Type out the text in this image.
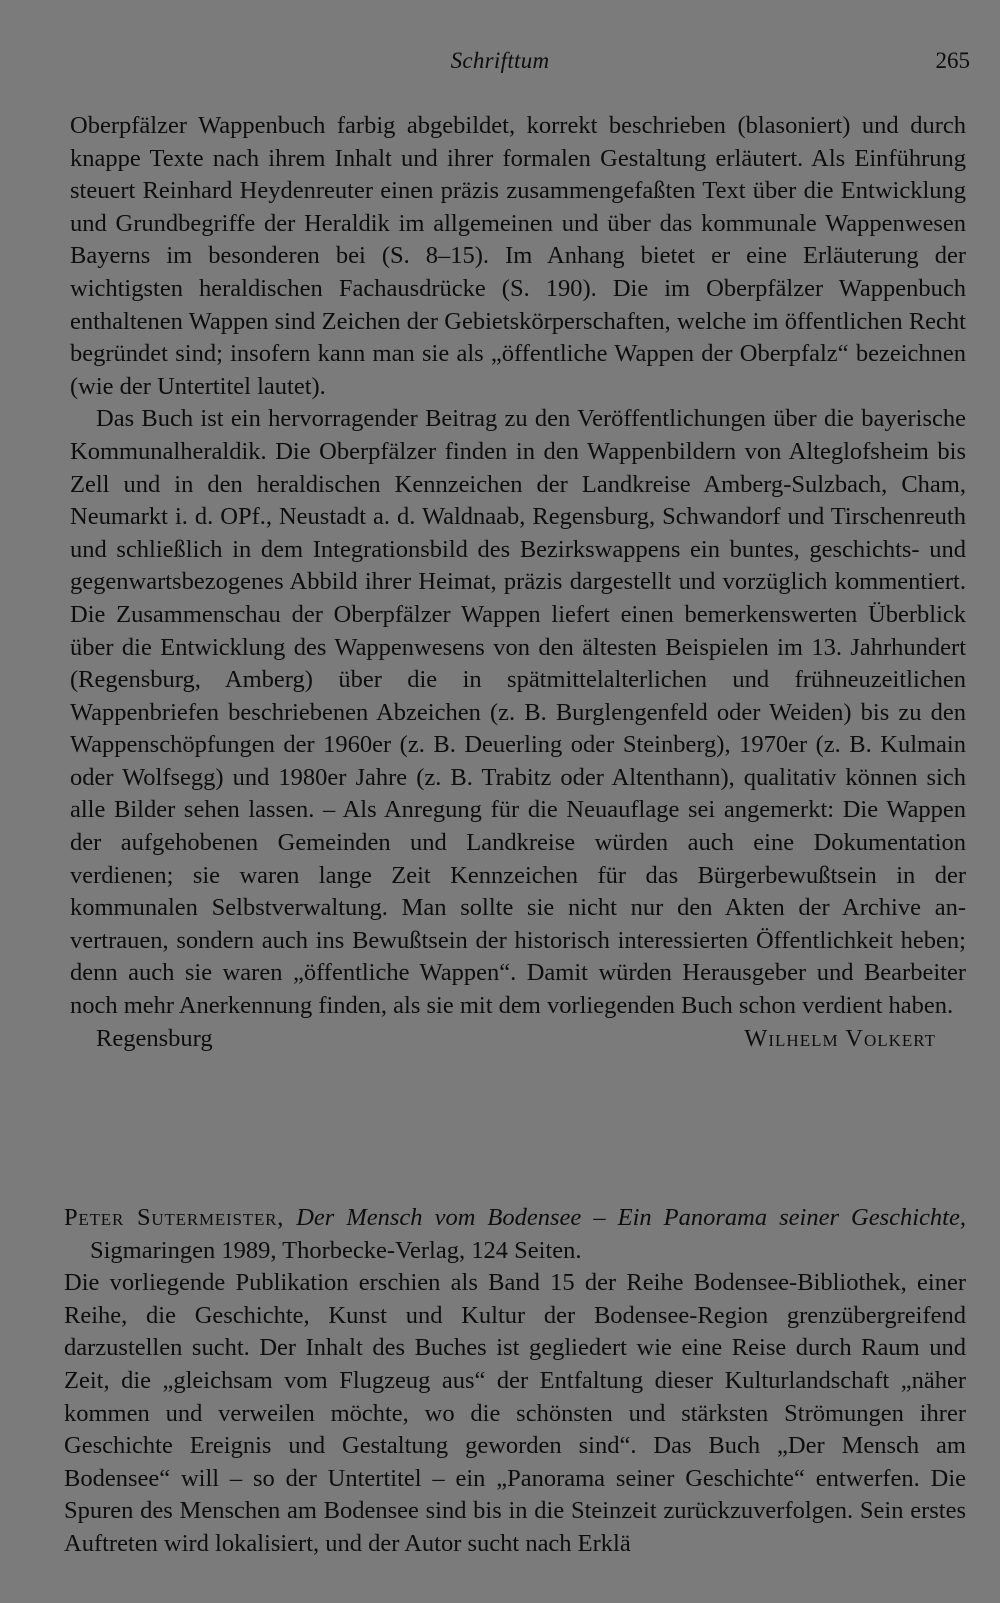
Schrifttum	265

Oberpfälzer Wappenbuch farbig abgebildet, korrekt beschrieben (blasoniert) und durch knappe Texte nach ihrem Inhalt und ihrer formalen Gestaltung erläutert. Als Einführung steuert Reinhard Heydenreuter einen präzis zusammengefaßten Text über die Entwicklung und Grundbegriffe der Heraldik im allgemeinen und über das kommunale Wappenwesen Bayerns im besonderen bei (S. 8–15). Im Anhang bietet er eine Erläuterung der wichtigsten heraldischen Fachausdrücke (S. 190). Die im Oberpfälzer Wappenbuch enthaltenen Wappen sind Zeichen der Gebietskörperschaften, welche im öffentlichen Recht begründet sind; insofern kann man sie als „öffentliche Wappen der Oberpfalz“ bezeichnen (wie der Untertitel lautet).

Das Buch ist ein hervorragender Beitrag zu den Veröffentlichungen über die bayerische Kommunalheraldik. Die Oberpfälzer finden in den Wappenbildern von Alteglofsheim bis Zell und in den heraldischen Kennzeichen der Landkreise Amberg-Sulzbach, Cham, Neumarkt i. d. OPf., Neustadt a. d. Waldnaab, Regensburg, Schwandorf und Tirschenreuth und schließlich in dem Integrationsbild des Bezirkswappens ein buntes, geschichts- und gegenwartsbezogenes Abbild ihrer Heimat, präzis dargestellt und vorzüglich kommentiert. Die Zusammenschau der Oberpfälzer Wappen liefert einen bemerkenswerten Überblick über die Entwicklung des Wappenwesens von den ältesten Beispielen im 13. Jahrhundert (Regensburg, Amberg) über die in spätmittelalterlichen und frühneuzeitlichen Wappenbriefen beschriebenen Abzeichen (z. B. Burglengenfeld oder Weiden) bis zu den Wappenschöpfungen der 1960er (z. B. Deuerling oder Steinberg), 1970er (z. B. Kulmain oder Wolfsegg) und 1980er Jahre (z. B. Trabitz oder Altenthann), qualitativ können sich alle Bilder sehen lassen. – Als Anregung für die Neuauflage sei angemerkt: Die Wappen der aufgehobenen Gemeinden und Landkreise würden auch eine Dokumentation verdienen; sie waren lange Zeit Kennzeichen für das Bürgerbewußtsein in der kommunalen Selbstverwaltung. Man sollte sie nicht nur den Akten der Archive anvertrauen, sondern auch ins Bewußtsein der historisch interessierten Öffentlichkeit heben; denn auch sie waren „öffentliche Wappen“. Damit würden Herausgeber und Bearbeiter noch mehr Anerkennung finden, als sie mit dem vorliegenden Buch schon verdient haben.

Regensburg	Wilhelm Volkert

Peter Sutermeister, Der Mensch vom Bodensee – Ein Panorama seiner Geschichte, Sigmaringen 1989, Thorbecke-Verlag, 124 Seiten.

Die vorliegende Publikation erschien als Band 15 der Reihe Bodensee-Bibliothek, einer Reihe, die Geschichte, Kunst und Kultur der Bodensee-Region grenzübergreifend darzustellen sucht. Der Inhalt des Buches ist gegliedert wie eine Reise durch Raum und Zeit, die „gleichsam vom Flugzeug aus“ der Entfaltung dieser Kulturlandschaft „näher kommen und verweilen möchte, wo die schönsten und stärksten Strömungen ihrer Geschichte Ereignis und Gestaltung geworden sind“. Das Buch „Der Mensch am Bodensee“ will – so der Untertitel – ein „Panorama seiner Geschichte“ entwerfen. Die Spuren des Menschen am Bodensee sind bis in die Steinzeit zurückzuverfolgen. Sein erstes Auftreten wird lokalisiert, und der Autor sucht nach Erklä
